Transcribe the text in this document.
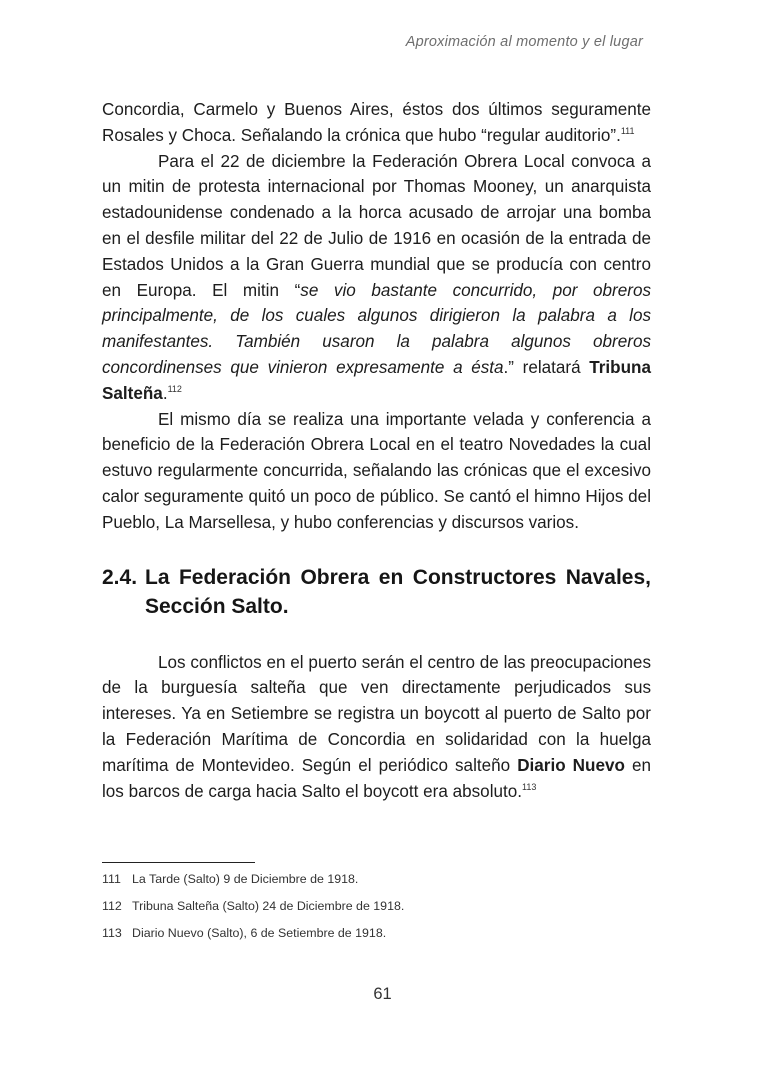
Aproximación al momento y el lugar

Concordia, Carmelo y Buenos Aires, éstos dos últimos seguramente Rosales y Choca. Señalando la crónica que hubo “regular auditorio”.$^{111}$

Para el 22 de diciembre la Federación Obrera Local convoca a un mitin de protesta internacional por Thomas Mooney, un anarquista estadounidense condenado a la horca acusado de arrojar una bomba en el desfile militar del 22 de Julio de 1916 en ocasión de la entrada de Estados Unidos a la Gran Guerra mundial que se producía con centro en Europa. El mitin “se vio bastante concurrido, por obreros principalmente, de los cuales algunos dirigieron la palabra a los manifestantes. También usaron la palabra algunos obreros concordinenses que vinieron expresamente a ésta.” relatará Tribuna Salteña.$^{112}$

El mismo día se realiza una importante velada y conferencia a beneficio de la Federación Obrera Local en el teatro Novedades la cual estuvo regularmente concurrida, señalando las crónicas que el excesivo calor seguramente quitó un poco de público. Se cantó el himno Hijos del Pueblo, La Marsellesa, y hubo conferencias y discursos varios.

2.4. La Federación Obrera en Constructores Navales, Sección Salto.

Los conflictos en el puerto serán el centro de las preocupaciones de la burguesía salteña que ven directamente perjudicados sus intereses. Ya en Setiembre se registra un boycott al puerto de Salto por la Federación Marítima de Concordia en solidaridad con la huelga marítima de Montevideo. Según el periódico salteño Diario Nuevo en los barcos de carga hacia Salto el boycott era absoluto.$^{113}$

111 La Tarde (Salto) 9 de Diciembre de 1918.
112 Tribuna Salteña (Salto) 24 de Diciembre de 1918.
113 Diario Nuevo (Salto), 6 de Setiembre de 1918.
61
